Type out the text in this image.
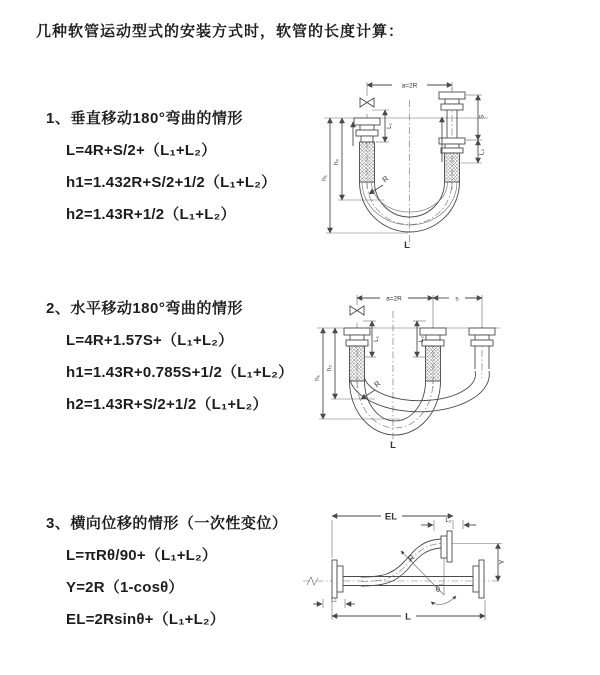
几种软管运动型式的安装方式时，软管的长度计算：
1、垂直移动180°弯曲的情形
L=4R+S/2+（L₁+L₂）
h1=1.432R+S/2+1/2（L₁+L₂）
h2=1.43R+1/2（L₁+L₂）
a=2R
L₁
S
L₂
h₁
h₂
R
L
2、水平移动180°弯曲的情形
L=4R+1.57S+（L₁+L₂）
h1=1.43R+0.785S+1/2（L₁+L₂）
h2=1.43R+S/2+1/2（L₁+L₂）
a=2R	s
L₁	L₂
h₁
h₂
R
L
3、横向位移的情形（一次性变位）
L=πRθ/90+（L₁+L₂）
Y=2R（1-cosθ）
EL=2Rsinθ+（L₁+L₂）
EL	L₂
R
θ
Y
L₁
L
